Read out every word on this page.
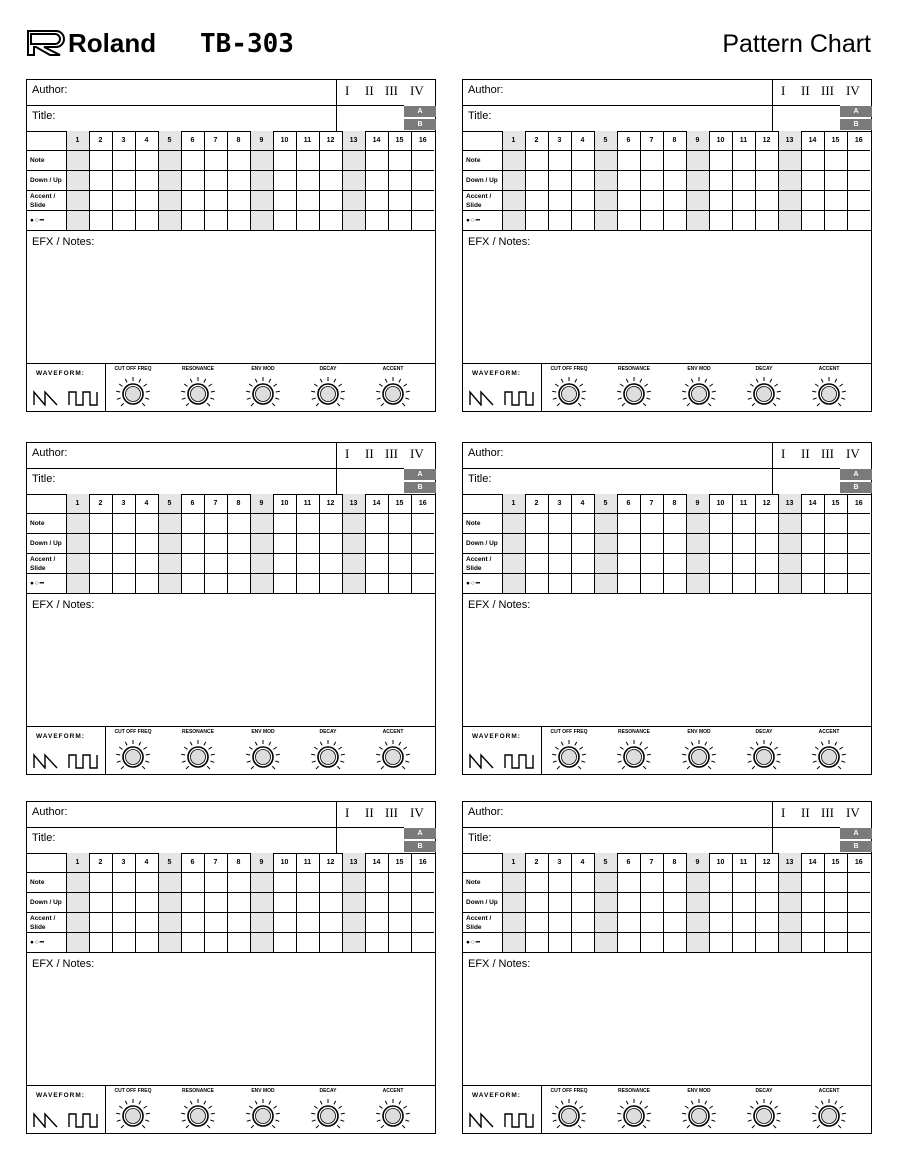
Roland TB-303	Pattern Chart
Author:
Title:
I II III IV
A
B
	1	2	3	4	5	6	7	8	9	10	11	12	13	14	15	16
Note																
Down / Up																
Accent / Slide																
●○━																
EFX / Notes:
WAVEFORM:
CUT OFF FREQ	RESONANCE	ENV MOD	DECAY	ACCENT
Author:
Title:
I II III IV
A
B
	1	2	3	4	5	6	7	8	9	10	11	12	13	14	15	16
Note																
Down / Up																
Accent / Slide																
●○━																
EFX / Notes:
WAVEFORM:
CUT OFF FREQ	RESONANCE	ENV MOD	DECAY	ACCENT
Author:
Title:
I II III IV
A
B
	1	2	3	4	5	6	7	8	9	10	11	12	13	14	15	16
Note																
Down / Up																
Accent / Slide																
●○━																
EFX / Notes:
WAVEFORM:
CUT OFF FREQ	RESONANCE	ENV MOD	DECAY	ACCENT
Author:
Title:
I II III IV
A
B
	1	2	3	4	5	6	7	8	9	10	11	12	13	14	15	16
Note																
Down / Up																
Accent / Slide																
●○━																
EFX / Notes:
WAVEFORM:
CUT OFF FREQ	RESONANCE	ENV MOD	DECAY	ACCENT
Author:
Title:
I II III IV
A
B
	1	2	3	4	5	6	7	8	9	10	11	12	13	14	15	16
Note																
Down / Up																
Accent / Slide																
●○━																
EFX / Notes:
WAVEFORM:
CUT OFF FREQ	RESONANCE	ENV MOD	DECAY	ACCENT
Author:
Title:
I II III IV
A
B
	1	2	3	4	5	6	7	8	9	10	11	12	13	14	15	16
Note																
Down / Up																
Accent / Slide																
●○━																
EFX / Notes:
WAVEFORM:
CUT OFF FREQ	RESONANCE	ENV MOD	DECAY	ACCENT
